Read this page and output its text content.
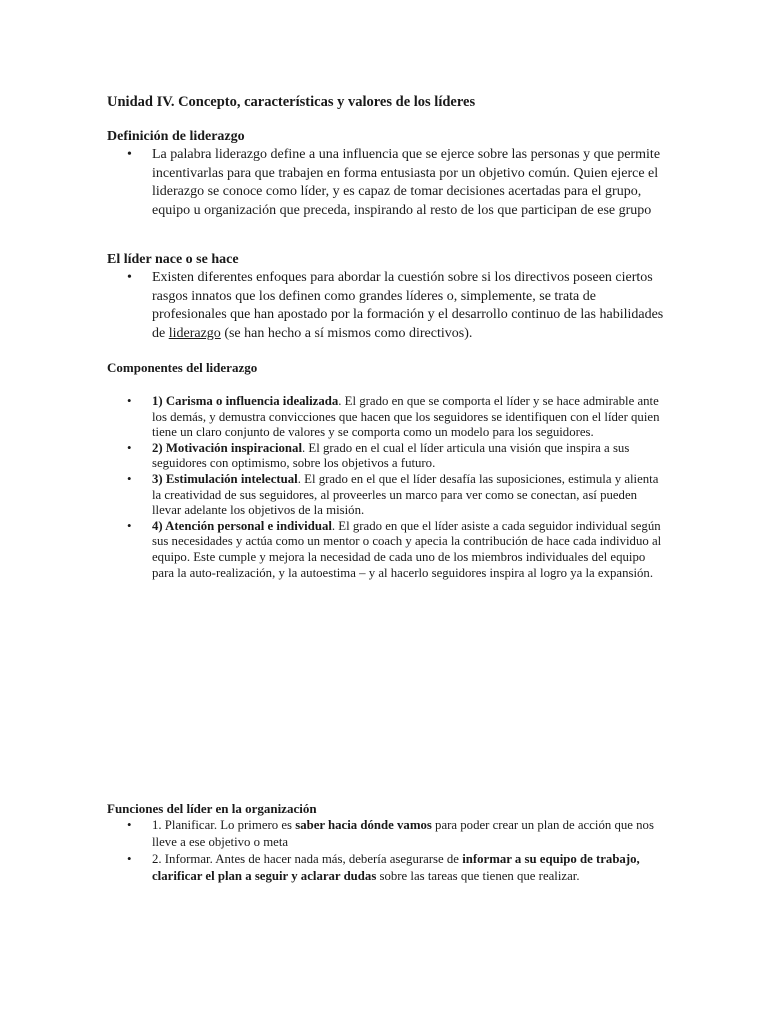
Unidad IV. Concepto, características y valores de los líderes

Definición de liderazgo

• La palabra liderazgo define a una influencia que se ejerce sobre las personas y que permite incentivarlas para que trabajen en forma entusiasta por un objetivo común. Quien ejerce el liderazgo se conoce como líder, y es capaz de tomar decisiones acertadas para el grupo, equipo u organización que preceda, inspirando al resto de los que participan de ese grupo

El líder nace o se hace

• Existen diferentes enfoques para abordar la cuestión sobre si los directivos poseen ciertos rasgos innatos que los definen como grandes líderes o, simplemente, se trata de profesionales que han apostado por la formación y el desarrollo continuo de las habilidades de liderazgo (se han hecho a sí mismos como directivos).

Componentes del liderazgo

• 1) Carisma o influencia idealizada. El grado en que se comporta el líder y se hace admirable ante los demás, y demustra convicciones que hacen que los seguidores se identifiquen con el líder quien tiene un claro conjunto de valores y se comporta como un modelo para los seguidores.
• 2) Motivación inspiracional. El grado en el cual el líder articula una visión que inspira a sus seguidores con optimismo, sobre los objetivos a futuro.
• 3) Estimulación intelectual. El grado en el que el líder desafía las suposiciones, estimula y alienta la creatividad de sus seguidores, al proveerles un marco para ver como se conectan, así pueden llevar adelante los objetivos de la misión.
• 4) Atención personal e individual. El grado en que el líder asiste a cada seguidor individual según sus necesidades y actúa como un mentor o coach y apecia la contribución de hace cada individuo al equipo. Este cumple y mejora la necesidad de cada uno de los miembros individuales del equipo para la auto-realización, y la autoestima – y al hacerlo seguidores inspira al logro ya la expansión.

Funciones del líder en la organización

• 1. Planificar. Lo primero es saber hacia dónde vamos para poder crear un plan de acción que nos lleve a ese objetivo o meta
• 2. Informar. Antes de hacer nada más, debería asegurarse de informar a su equipo de trabajo, clarificar el plan a seguir y aclarar dudas sobre las tareas que tienen que realizar.
